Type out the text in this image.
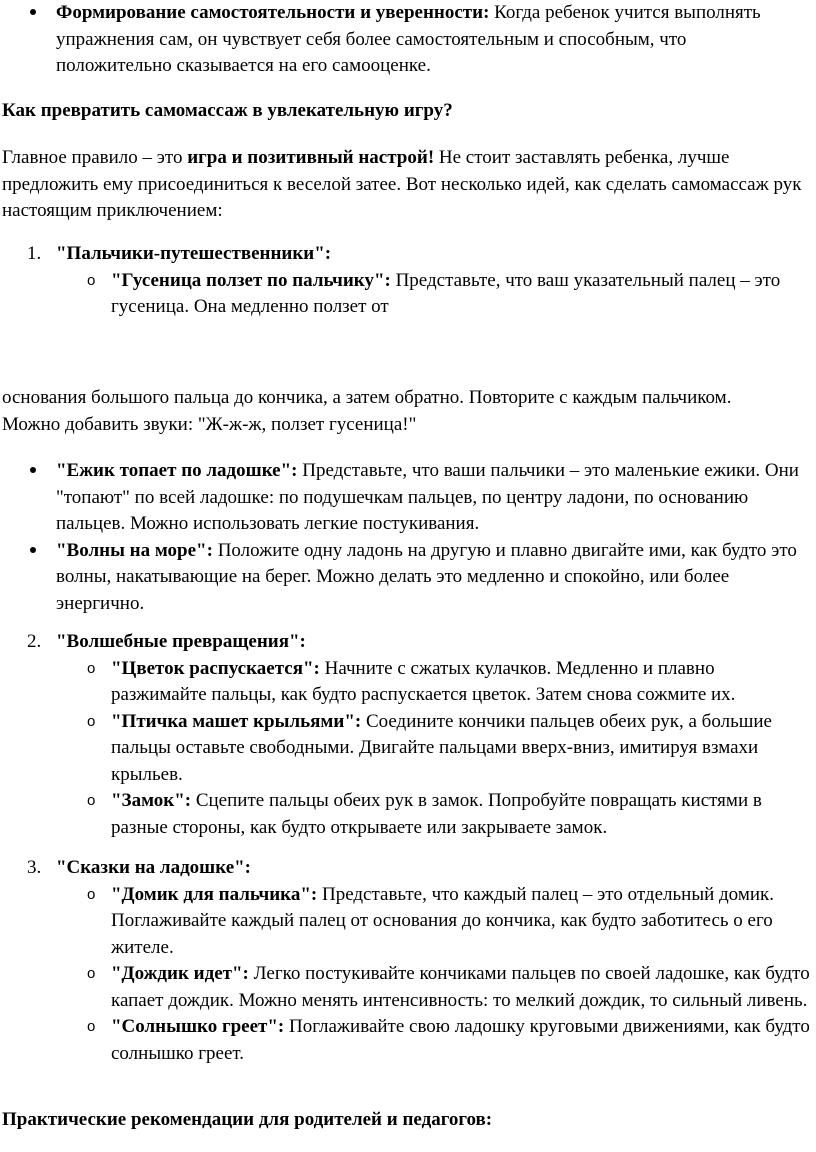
Формирование самостоятельности и уверенности: Когда ребенок учится выполнять упражнения сам, он чувствует себя более самостоятельным и способным, что положительно сказывается на его самооценке.

Как превратить самомассаж в увлекательную игру?

Главное правило – это игра и позитивный настрой! Не стоит заставлять ребенка, лучше предложить ему присоединиться к веселой затее. Вот несколько идей, как сделать самомассаж рук настоящим приключением:

1. "Пальчики-путешественники":

o "Гусеница ползет по пальчику": Представьте, что ваш указательный палец – это гусеница. Она медленно ползет от

основания большого пальца до кончика, а затем обратно. Повторите с каждым пальчиком. Можно добавить звуки: "Ж-ж-ж, ползет гусеница!"

"Ежик топает по ладошке": Представьте, что ваши пальчики – это маленькие ежики. Они "топают" по всей ладошке: по подушечкам пальцев, по центру ладони, по основанию пальцев. Можно использовать легкие постукивания.

"Волны на море": Положите одну ладонь на другую и плавно двигайте ими, как будто это волны, накатывающие на берег. Можно делать это медленно и спокойно, или более энергично.

2. "Волшебные превращения":

o "Цветок распускается": Начните с сжатых кулачков. Медленно и плавно разжимайте пальцы, как будто распускается цветок. Затем снова сожмите их.

o "Птичка машет крыльями": Соедините кончики пальцев обеих рук, а большие пальцы оставьте свободными. Двигайте пальцами вверх-вниз, имитируя взмахи крыльев.

o "Замок": Сцепите пальцы обеих рук в замок. Попробуйте повращать кистями в разные стороны, как будто открываете или закрываете замок.

3. "Сказки на ладошке":

o "Домик для пальчика": Представьте, что каждый палец – это отдельный домик. Поглаживайте каждый палец от основания до кончика, как будто заботитесь о его жителе.

o "Дождик идет": Легко постукивайте кончиками пальцев по своей ладошке, как будто капает дождик. Можно менять интенсивность: то мелкий дождик, то сильный ливень.

o "Солнышко греет": Поглаживайте свою ладошку круговыми движениями, как будто солнышко греет.

Практические рекомендации для родителей и педагогов:
